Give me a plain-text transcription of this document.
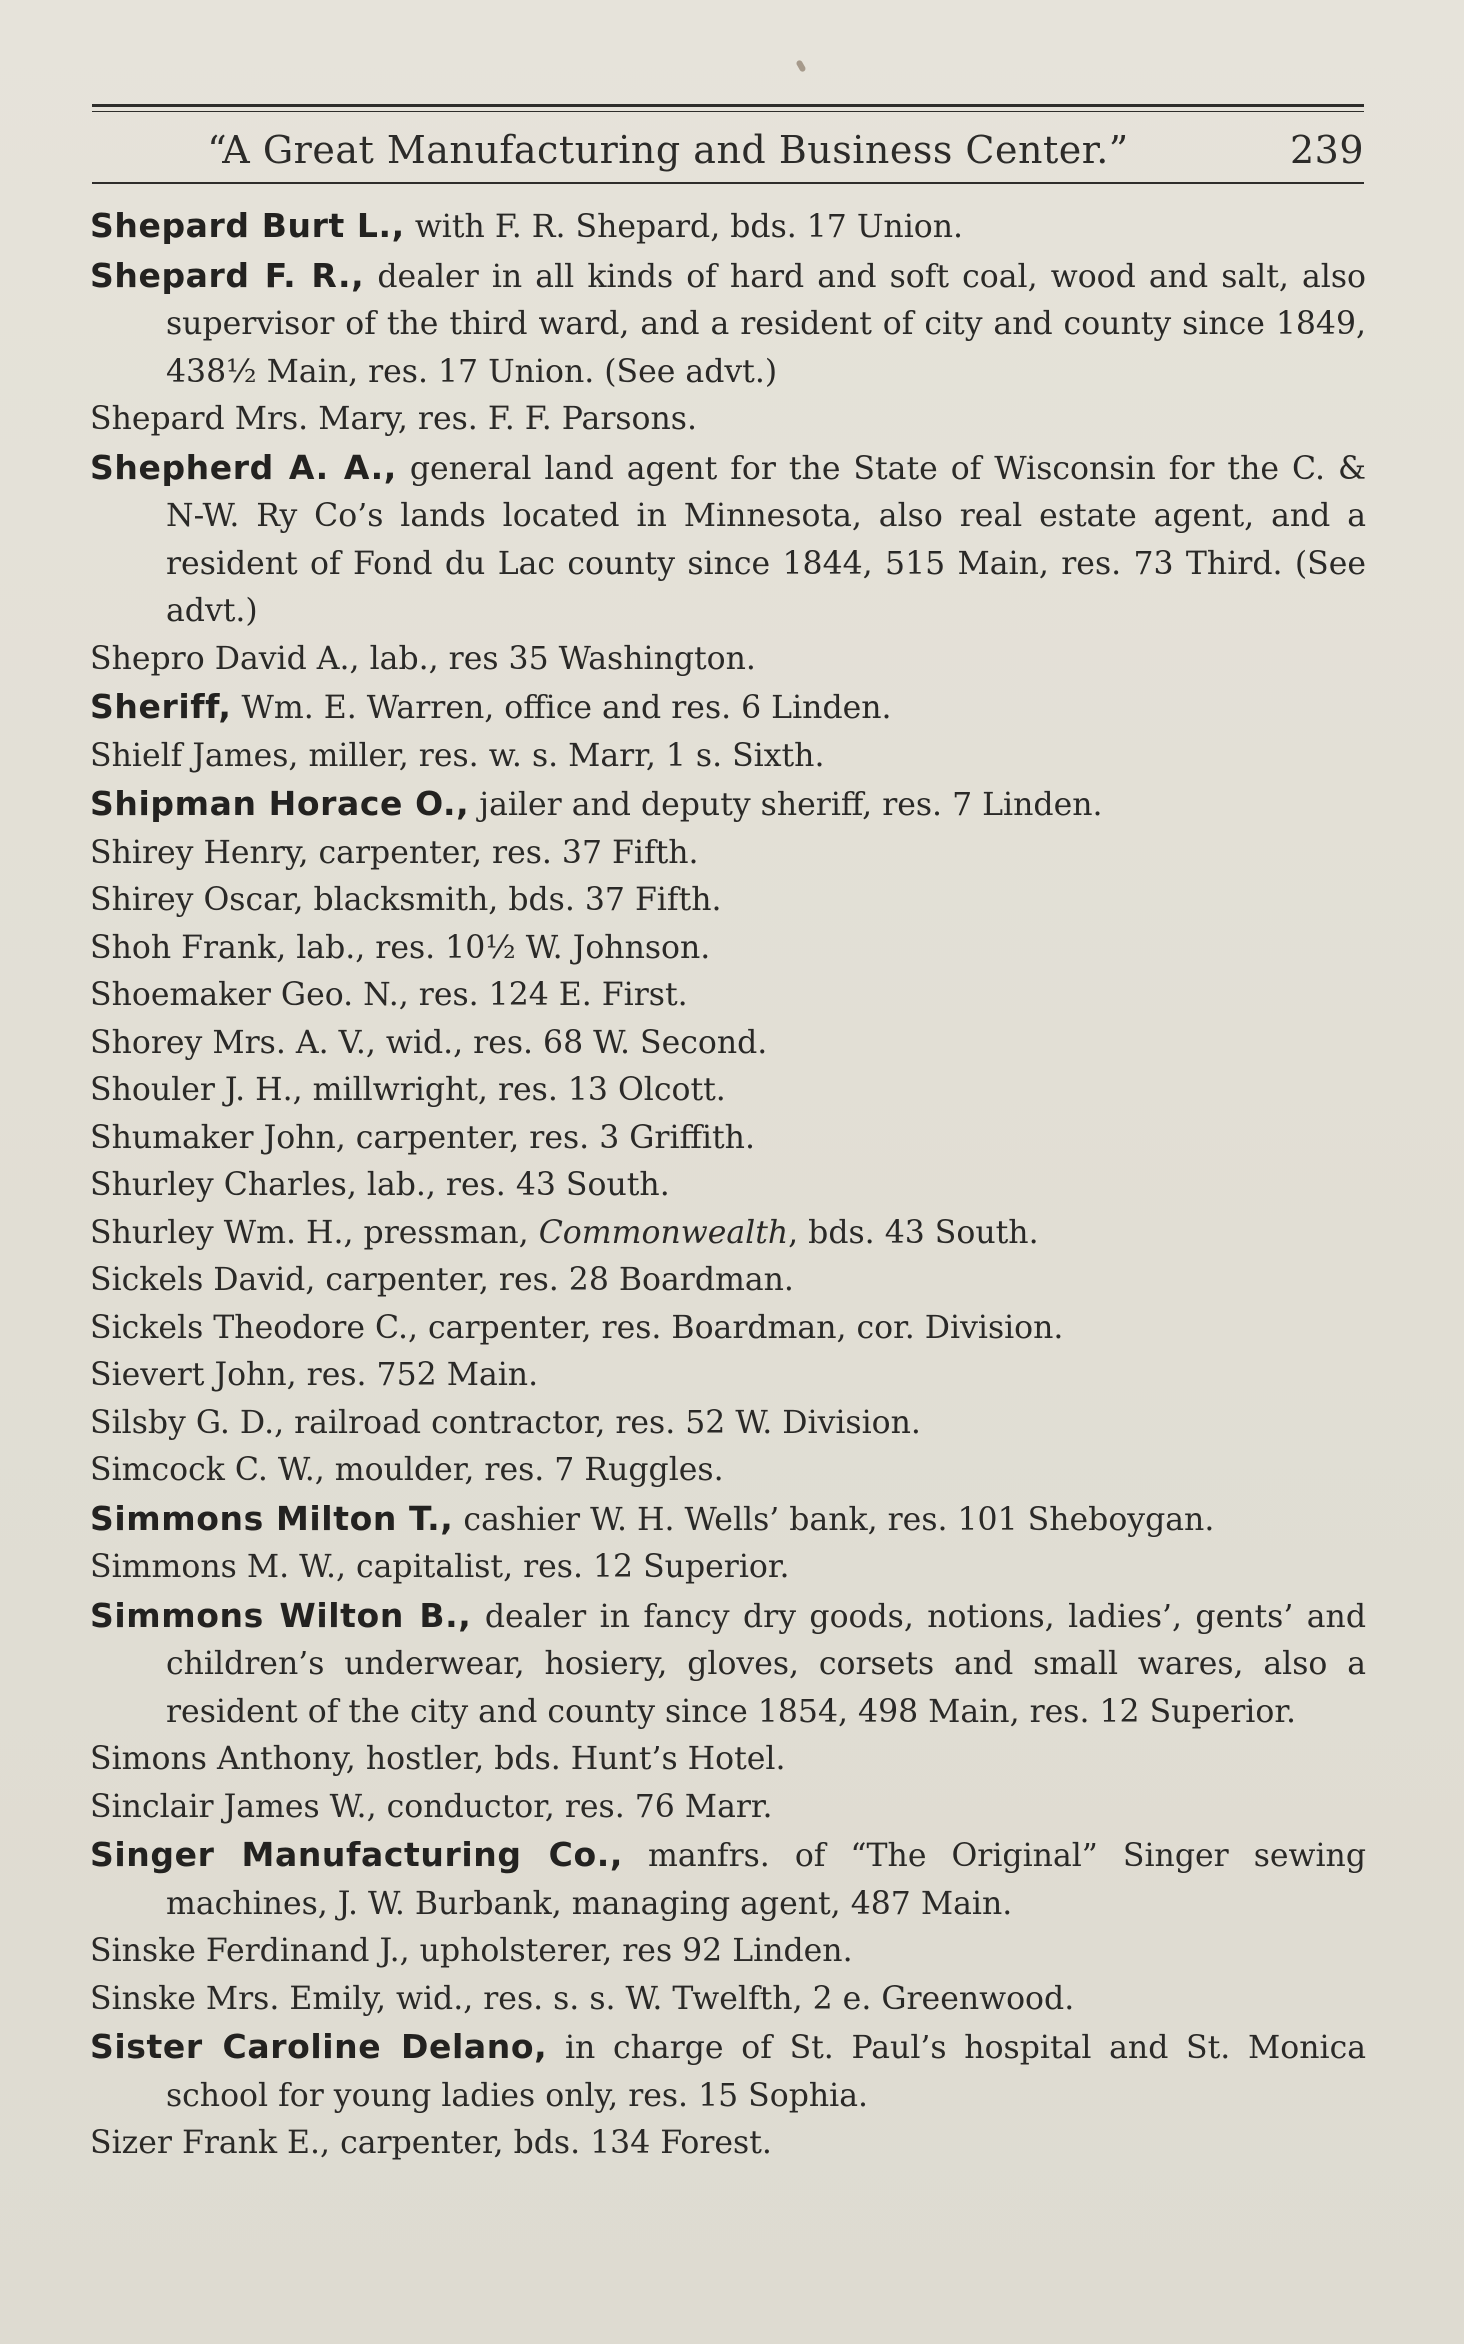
“A Great Manufacturing and Business Center.”	239

Shepard Burt L., with F. R. Shepard, bds. 17 Union.

Shepard F. R., dealer in all kinds of hard and soft coal, wood and salt, also supervisor of the third ward, and a resident of city and county since 1849, 438½ Main, res. 17 Union. (See advt.)

Shepard Mrs. Mary, res. F. F. Parsons.

Shepherd A. A., general land agent for the State of Wisconsin for the C. & N-W. Ry Co’s lands located in Minnesota, also real estate agent, and a resident of Fond du Lac county since 1844, 515 Main, res. 73 Third. (See advt.)

Shepro David A., lab., res 35 Washington.

Sheriff, Wm. E. Warren, office and res. 6 Linden.

Shielf James, miller, res. w. s. Marr, 1 s. Sixth.

Shipman Horace O., jailer and deputy sheriff, res. 7 Linden.

Shirey Henry, carpenter, res. 37 Fifth.

Shirey Oscar, blacksmith, bds. 37 Fifth.

Shoh Frank, lab., res. 10½ W. Johnson.

Shoemaker Geo. N., res. 124 E. First.

Shorey Mrs. A. V., wid., res. 68 W. Second.

Shouler J. H., millwright, res. 13 Olcott.

Shumaker John, carpenter, res. 3 Griffith.

Shurley Charles, lab., res. 43 South.

Shurley Wm. H., pressman, Commonwealth, bds. 43 South.

Sickels David, carpenter, res. 28 Boardman.

Sickels Theodore C., carpenter, res. Boardman, cor. Division.

Sievert John, res. 752 Main.

Silsby G. D., railroad contractor, res. 52 W. Division.

Simcock C. W., moulder, res. 7 Ruggles.

Simmons Milton T., cashier W. H. Wells’ bank, res. 101 Sheboygan.

Simmons M. W., capitalist, res. 12 Superior.

Simmons Wilton B., dealer in fancy dry goods, notions, ladies’, gents’ and children’s underwear, hosiery, gloves, corsets and small wares, also a resident of the city and county since 1854, 498 Main, res. 12 Superior.

Simons Anthony, hostler, bds. Hunt’s Hotel.

Sinclair James W., conductor, res. 76 Marr.

Singer Manufacturing Co., manfrs. of “The Original” Singer sewing machines, J. W. Burbank, managing agent, 487 Main.

Sinske Ferdinand J., upholsterer, res 92 Linden.

Sinske Mrs. Emily, wid., res. s. s. W. Twelfth, 2 e. Greenwood.

Sister Caroline Delano, in charge of St. Paul’s hospital and St. Monica school for young ladies only, res. 15 Sophia.

Sizer Frank E., carpenter, bds. 134 Forest.
